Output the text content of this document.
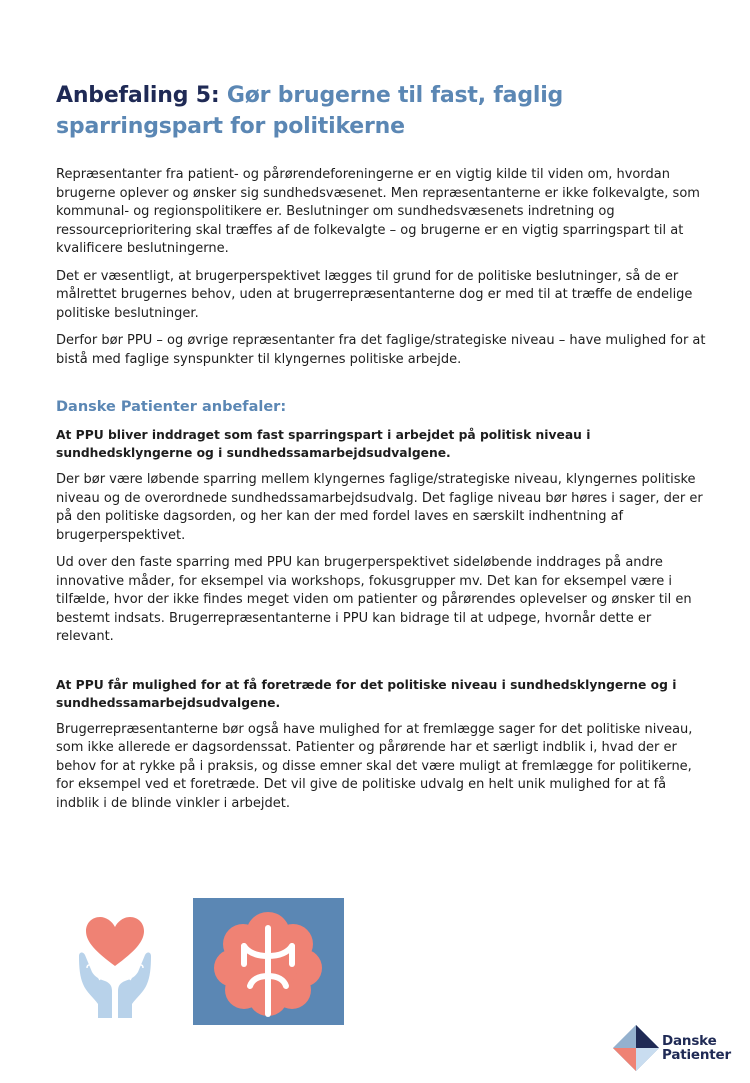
Anbefaling 5: Gør brugerne til fast, faglig
sparringspart for politikerne

Repræsentanter fra patient- og pårørendeforeningerne er en vigtig kilde til viden om, hvordan brugerne oplever og ønsker sig sundhedsvæsenet. Men repræsentanterne er ikke folkevalgte, som kommunal- og regionspolitikere er. Beslutninger om sundhedsvæsenets indretning og ressourceprioritering skal træffes af de folkevalgte – og brugerne er en vigtig sparringspart til at kvalificere beslutningerne.

Det er væsentligt, at brugerperspektivet lægges til grund for de politiske beslutninger, så de er målrettet brugernes behov, uden at brugerrepræsentanterne dog er med til at træffe de endelige politiske beslutninger.

Derfor bør PPU – og øvrige repræsentanter fra det faglige/strategiske niveau – have mulighed for at bistå med faglige synspunkter til klyngernes politiske arbejde.

Danske Patienter anbefaler:

At PPU bliver inddraget som fast sparringspart i arbejdet på politisk niveau i sundhedsklyngerne og i sundhedssamarbejdsudvalgene.

Der bør være løbende sparring mellem klyngernes faglige/strategiske niveau, klyngernes politiske niveau og de overordnede sundhedssamarbejdsudvalg. Det faglige niveau bør høres i sager, der er på den politiske dagsorden, og her kan der med fordel laves en særskilt indhentning af brugerperspektivet.

Ud over den faste sparring med PPU kan brugerperspektivet sideløbende inddrages på andre innovative måder, for eksempel via workshops, fokusgrupper mv. Det kan for eksempel være i tilfælde, hvor der ikke findes meget viden om patienter og pårørendes oplevelser og ønsker til en bestemt indsats. Brugerrepræsentanterne i PPU kan bidrage til at udpege, hvornår dette er relevant.

At PPU får mulighed for at få foretræde for det politiske niveau i sundhedsklyngerne og i sundhedssamarbejdsudvalgene.

Brugerrepræsentanterne bør også have mulighed for at fremlægge sager for det politiske niveau, som ikke allerede er dagsordenssat. Patienter og pårørende har et særligt indblik i, hvad der er behov for at rykke på i praksis, og disse emner skal det være muligt at fremlægge for politikerne, for eksempel ved et foretræde. Det vil give de politiske udvalg en helt unik mulighed for at få indblik i de blinde vinkler i arbejdet.

Danske
Patienter
